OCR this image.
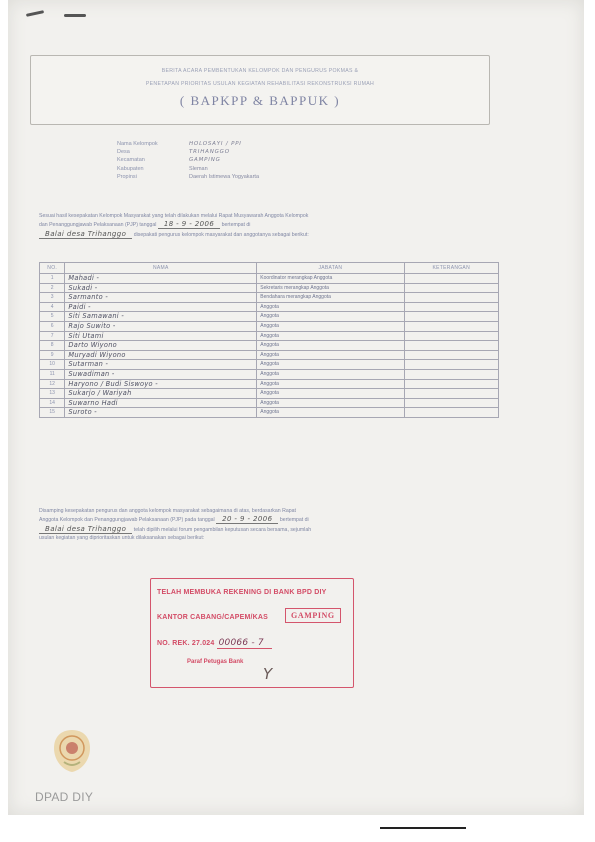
BERITA ACARA PEMBENTUKAN KELOMPOK DAN PENGURUS POKMAS &
PENETAPAN PRIORITAS USULAN KEGIATAN REHABILITASI REKONSTRUKSI RUMAH
( BAPKPP & BAPPUK )
Nama Kelompok	HOLOSAYI / PPI
Desa	TRIHANGGO
Kecamatan	GAMPING
Kabupaten	Sleman
Propinsi	Daerah Istimewa Yogyakarta
Sesuai hasil kesepakatan Kelompok Masyarakat yang telah dilakukan melalui Rapat Musyawarah Anggota Kelompok
dan Penanggungjawab Pelaksanaan (PJP) tanggal 18 - 9 - 2006 bertempat di
Balai desa Trihanggo disepakati pengurus kelompok masyarakat dan anggotanya sebagai berikut:
NO.	NAMA	JABATAN	KETERANGAN
1	Mahadi -	Koordinator merangkap Anggota	
2	Sukadi -	Sekretaris merangkap Anggota	
3	Sarmanto -	Bendahara merangkap Anggota	
4	Paidi -	Anggota	
5	Siti Samawani -	Anggota	
6	Rajo Suwito -	Anggota	
7	Siti Utami	Anggota	
8	Darto Wiyono	Anggota	
9	Muryadi Wiyono	Anggota	
10	Sutarman -	Anggota	
11	Suwadiman -	Anggota	
12	Haryono / Budi Siswoyo -	Anggota	
13	Sukarjo / Wariyah	Anggota	
14	Suwarno Hadi	Anggota	
15	Suroto -	Anggota	
Disamping kesepakatan pengurus dan anggota kelompok masyarakat sebagaimana di atas, berdasarkan Rapat
Anggota Kelompok dan Penanggungjawab Pelaksanaan (PJP) pada tanggal 20 - 9 - 2006 bertempat di
Balai desa Trihanggo telah dipilih melalui forum pengambilan keputusan secara bersama, sejumlah
usulan kegiatan yang diprioritaskan untuk dilaksanakan sebagai berikut:
TELAH MEMBUKA REKENING DI BANK BPD DIY
KANTOR CABANG/CAPEM/KAS	GAMPING
NO. REK. 27.024 00066 - 7
Paraf Petugas Bank
Y
DPAD DIY
